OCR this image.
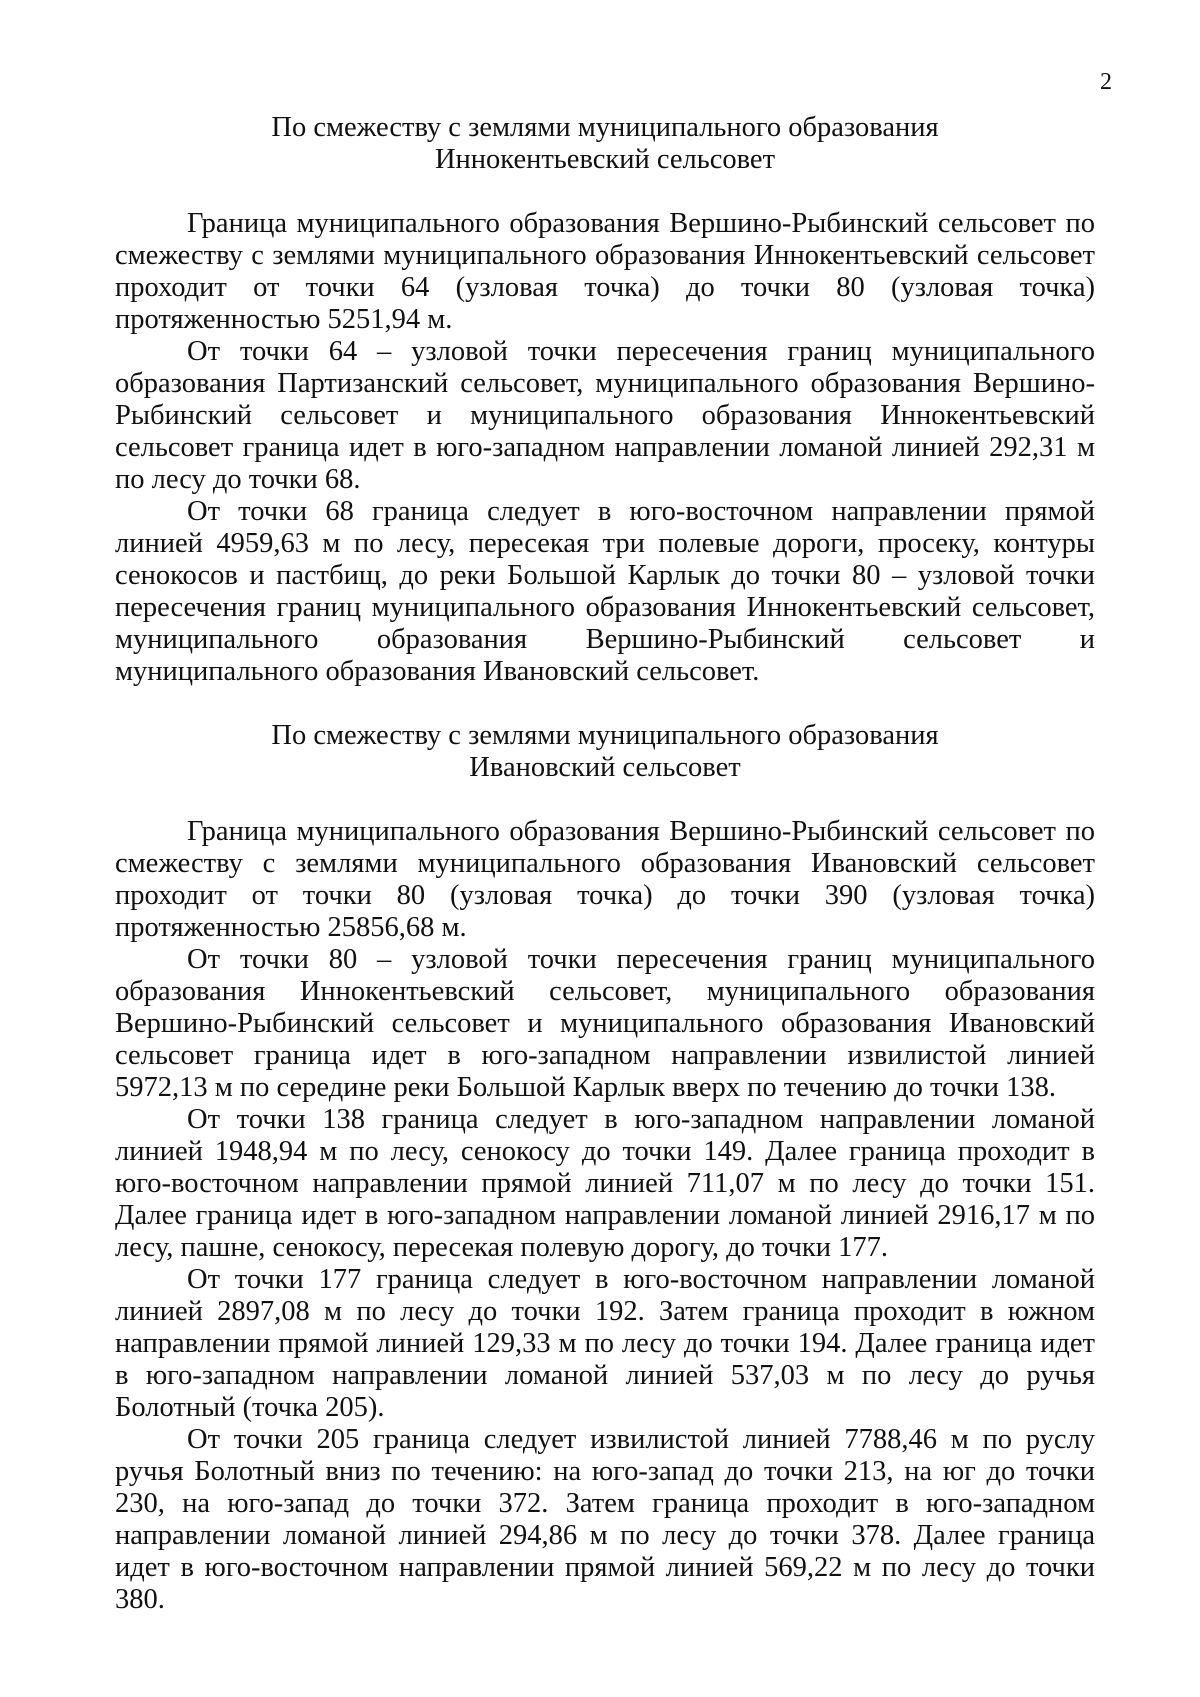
2
По смежеству с землями муниципального образования
Иннокентьевский сельсовет

Граница муниципального образования Вершино-Рыбинский сельсовет по смежеству с землями муниципального образования Иннокентьевский сельсовет проходит от точки 64 (узловая точка) до точки 80 (узловая точка) протяженностью 5251,94 м.

От точки 64 – узловой точки пересечения границ муниципального образования Партизанский сельсовет, муниципального образования Вершино-Рыбинский сельсовет и муниципального образования Иннокентьевский сельсовет граница идет в юго-западном направлении ломаной линией 292,31 м по лесу до точки 68.

От точки 68 граница следует в юго-восточном направлении прямой линией 4959,63 м по лесу, пересекая три полевые дороги, просеку, контуры сенокосов и пастбищ, до реки Большой Карлык до точки 80 – узловой точки пересечения границ муниципального образования Иннокентьевский сельсовет, муниципального образования Вершино-Рыбинский сельсовет и муниципального образования Ивановский сельсовет.

По смежеству с землями муниципального образования
Ивановский сельсовет

Граница муниципального образования Вершино-Рыбинский сельсовет по смежеству с землями муниципального образования Ивановский сельсовет проходит от точки 80 (узловая точка) до точки 390 (узловая точка) протяженностью 25856,68 м.

От точки 80 – узловой точки пересечения границ муниципального образования Иннокентьевский сельсовет, муниципального образования Вершино-Рыбинский сельсовет и муниципального образования Ивановский сельсовет граница идет в юго-западном направлении извилистой линией 5972,13 м по середине реки Большой Карлык вверх по течению до точки 138.

От точки 138 граница следует в юго-западном направлении ломаной линией 1948,94 м по лесу, сенокосу до точки 149. Далее граница проходит в юго-восточном направлении прямой линией 711,07 м по лесу до точки 151. Далее граница идет в юго-западном направлении ломаной линией 2916,17 м по лесу, пашне, сенокосу, пересекая полевую дорогу, до точки 177.

От точки 177 граница следует в юго-восточном направлении ломаной линией 2897,08 м по лесу до точки 192. Затем граница проходит в южном направлении прямой линией 129,33 м по лесу до точки 194. Далее граница идет в юго-западном направлении ломаной линией 537,03 м по лесу до ручья Болотный (точка 205).

От точки 205 граница следует извилистой линией 7788,46 м по руслу ручья Болотный вниз по течению: на юго-запад до точки 213, на юг до точки 230, на юго-запад до точки 372. Затем граница проходит в юго-западном направлении ломаной линией 294,86 м по лесу до точки 378. Далее граница идет в юго-восточном направлении прямой линией 569,22 м по лесу до точки 380.
